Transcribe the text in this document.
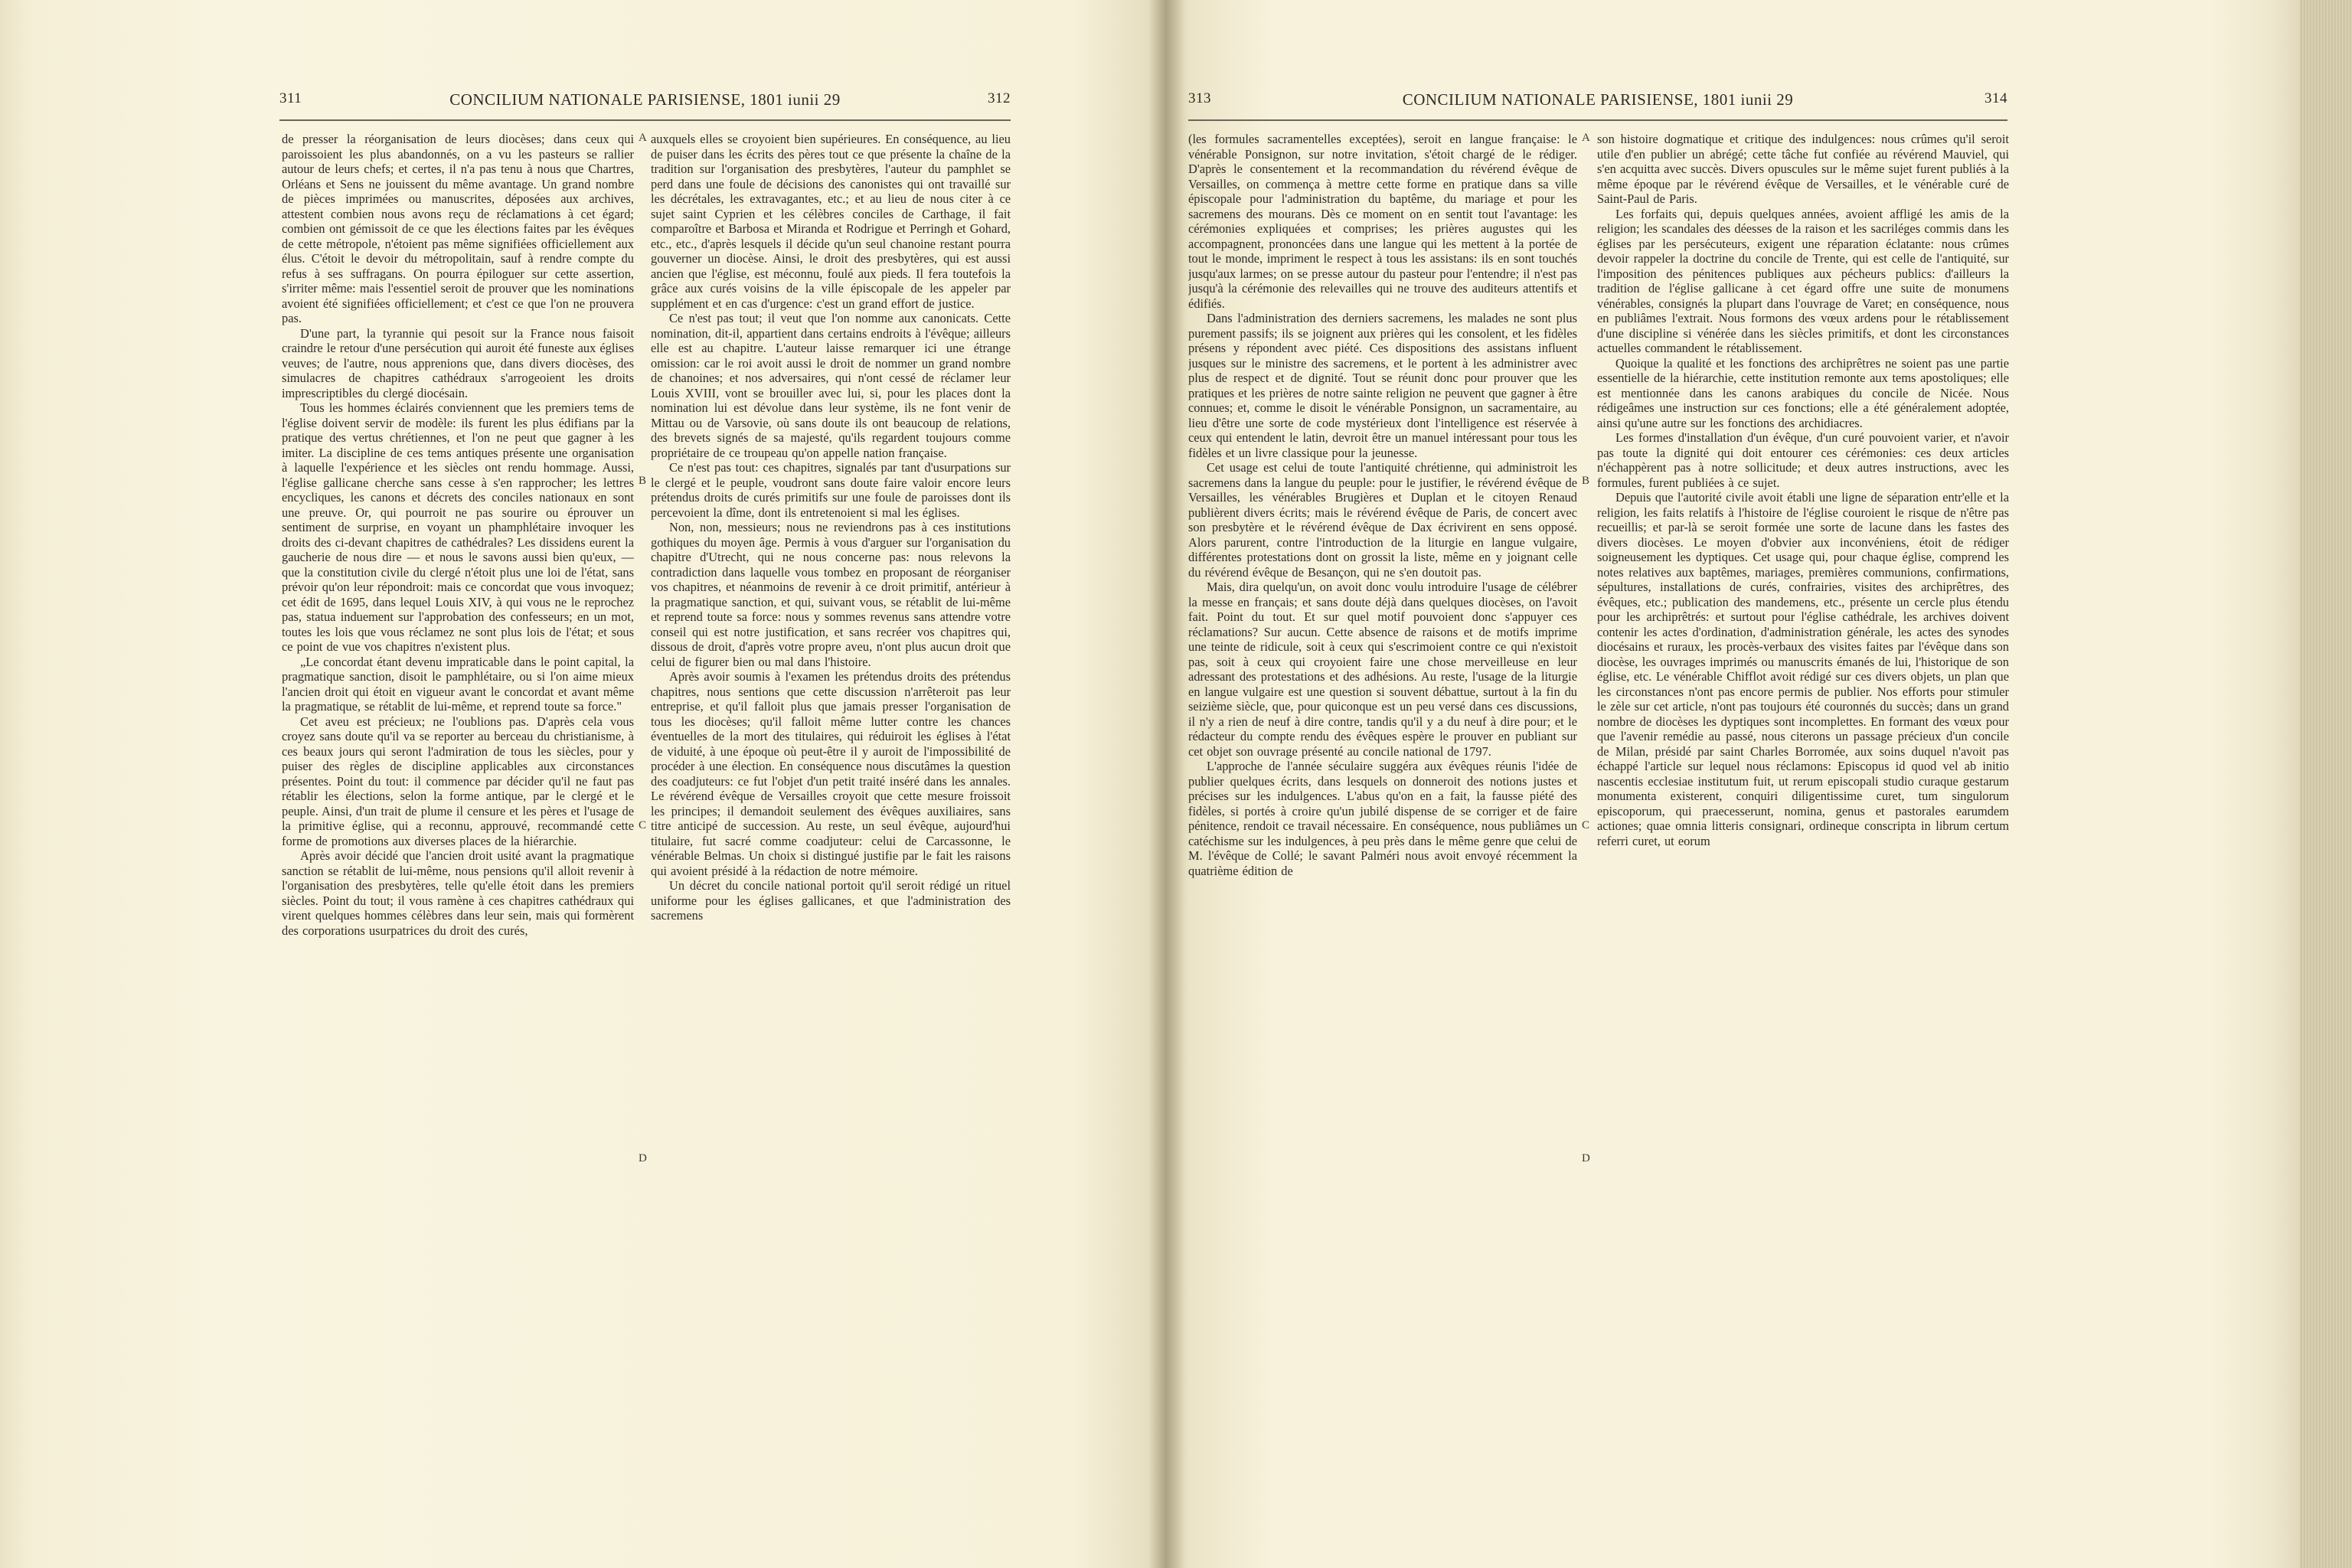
311	CONCILIUM NATIONALE PARISIENSE, 1801 iunii 29	312

de presser la réorganisation de leurs diocèses; dans ceux qui paroissoient les plus abandonnés, on a vu les pasteurs se rallier autour de leurs chefs; et certes, il n'a pas tenu à nous que Chartres, Orléans et Sens ne jouissent du même avantage. Un grand nombre de pièces imprimées ou manuscrites, déposées aux archives, attestent combien nous avons reçu de réclamations à cet égard; combien ont gémissoit de ce que les élections faites par les évêques de cette métropole, n'étoient pas même signifiées officiellement aux élus. C'étoit le devoir du métropolitain, sauf à rendre compte du refus à ses suffragans. On pourra épiloguer sur cette assertion, s'irriter même: mais l'essentiel seroit de prouver que les nominations avoient été signifiées officiellement; et c'est ce que l'on ne prouvera pas.

D'une part, la tyrannie qui pesoit sur la France nous faisoit craindre le retour d'une persécution qui auroit été funeste aux églises veuves; de l'autre, nous apprenions que, dans divers diocèses, des simulacres de chapitres cathédraux s'arrogeoient les droits imprescriptibles du clergé diocésain.

Tous les hommes éclairés conviennent que les premiers tems de l'église doivent servir de modèle: ils furent les plus édifians par la pratique des vertus chrétiennes, et l'on ne peut que gagner à les imiter. La discipline de ces tems antiques présente une organisation à laquelle l'expérience et les siècles ont rendu hommage. Aussi, l'église gallicane cherche sans cesse à s'en rapprocher; les lettres encycliques, les canons et décrets des conciles nationaux en sont une preuve. Or, qui pourroit ne pas sourire ou éprouver un sentiment de surprise, en voyant un phamphlétaire invoquer les droits des ci-devant chapitres de cathédrales? Les dissidens eurent la gaucherie de nous dire — et nous le savons aussi bien qu'eux, — que la constitution civile du clergé n'étoit plus une loi de l'état, sans prévoir qu'on leur répondroit: mais ce concordat que vous invoquez; cet édit de 1695, dans lequel Louis XIV, à qui vous ne le reprochez pas, statua induement sur l'approbation des confesseurs; en un mot, toutes les lois que vous réclamez ne sont plus lois de l'état; et sous ce point de vue vos chapitres n'existent plus.

„Le concordat étant devenu impraticable dans le point capital, la pragmatique sanction, disoit le pamphlétaire, ou si l'on aime mieux l'ancien droit qui étoit en vigueur avant le concordat et avant même la pragmatique, se rétablit de lui-même, et reprend toute sa force."

Cet aveu est précieux; ne l'oublions pas. D'après cela vous croyez sans doute qu'il va se reporter au berceau du christianisme, à ces beaux jours qui seront l'admiration de tous les siècles, pour y puiser des règles de discipline applicables aux circonstances présentes. Point du tout: il commence par décider qu'il ne faut pas rétablir les élections, selon la forme antique, par le clergé et le peuple. Ainsi, d'un trait de plume il censure et les pères et l'usage de la primitive église, qui a reconnu, approuvé, recommandé cette forme de promotions aux diverses places de la hiérarchie.

Après avoir décidé que l'ancien droit usité avant la pragmatique sanction se rétablit de lui-même, nous pensions qu'il alloit revenir à l'organisation des presbytères, telle qu'elle étoit dans les premiers siècles. Point du tout; il vous ramène à ces chapitres cathédraux qui virent quelques hommes célèbres dans leur sein, mais qui formèrent des corporations usurpatrices du droit des curés,

A
B
C
D

auxquels elles se croyoient bien supérieures. En conséquence, au lieu de puiser dans les écrits des pères tout ce que présente la chaîne de la tradition sur l'organisation des presbytères, l'auteur du pamphlet se perd dans une foule de décisions des canonistes qui ont travaillé sur les décrétales, les extravagantes, etc.; et au lieu de nous citer à ce sujet saint Cyprien et les célèbres conciles de Carthage, il fait comparoître et Barbosa et Miranda et Rodrigue et Perringh et Gohard, etc., etc., d'après lesquels il décide qu'un seul chanoine restant pourra gouverner un diocèse. Ainsi, le droit des presbytères, qui est aussi ancien que l'église, est méconnu, foulé aux pieds. Il fera toutefois la grâce aux curés voisins de la ville épiscopale de les appeler par supplément et en cas d'urgence: c'est un grand effort de justice.

Ce n'est pas tout; il veut que l'on nomme aux canonicats. Cette nomination, dit-il, appartient dans certains endroits à l'évêque; ailleurs elle est au chapitre. L'auteur laisse remarquer ici une étrange omission: car le roi avoit aussi le droit de nommer un grand nombre de chanoines; et nos adversaires, qui n'ont cessé de réclamer leur Louis XVIII, vont se brouiller avec lui, si, pour les places dont la nomination lui est dévolue dans leur système, ils ne font venir de Mittau ou de Varsovie, où sans doute ils ont beaucoup de relations, des brevets signés de sa majesté, qu'ils regardent toujours comme propriétaire de ce troupeau qu'on appelle nation française.

Ce n'est pas tout: ces chapitres, signalés par tant d'usurpations sur le clergé et le peuple, voudront sans doute faire valoir encore leurs prétendus droits de curés primitifs sur une foule de paroisses dont ils percevoient la dîme, dont ils entretenoient si mal les églises.

Non, non, messieurs; nous ne reviendrons pas à ces institutions gothiques du moyen âge. Permis à vous d'arguer sur l'organisation du chapitre d'Utrecht, qui ne nous concerne pas: nous relevons la contradiction dans laquelle vous tombez en proposant de réorganiser vos chapitres, et néanmoins de revenir à ce droit primitif, antérieur à la pragmatique sanction, et qui, suivant vous, se rétablit de lui-même et reprend toute sa force: nous y sommes revenus sans attendre votre conseil qui est notre justification, et sans recréer vos chapitres qui, dissous de droit, d'après votre propre aveu, n'ont plus aucun droit que celui de figurer bien ou mal dans l'histoire.

Après avoir soumis à l'examen les prétendus droits des prétendus chapitres, nous sentions que cette discussion n'arrêteroit pas leur entreprise, et qu'il falloit plus que jamais presser l'organisation de tous les diocèses; qu'il falloit même lutter contre les chances éventuelles de la mort des titulaires, qui réduiroit les églises à l'état de viduité, à une époque où peut-être il y auroit de l'impossibilité de procéder à une élection. En conséquence nous discutâmes la question des coadjuteurs: ce fut l'objet d'un petit traité inséré dans les annales. Le révérend évêque de Versailles croyoit que cette mesure froissoit les principes; il demandoit seulement des évêques auxiliaires, sans titre anticipé de succession. Au reste, un seul évêque, aujourd'hui titulaire, fut sacré comme coadjuteur: celui de Carcassonne, le vénérable Belmas. Un choix si distingué justifie par le fait les raisons qui avoient présidé à la rédaction de notre mémoire.

Un décret du concile national portoit qu'il seroit rédigé un rituel uniforme pour les églises gallicanes, et que l'administration des sacremens

313	CONCILIUM NATIONALE PARISIENSE, 1801 iunii 29	314

(les formules sacramentelles exceptées), seroit en langue française: le vénérable Ponsignon, sur notre invitation, s'étoit chargé de le rédiger. D'après le consentement et la recommandation du révérend évêque de Versailles, on commença à mettre cette forme en pratique dans sa ville épiscopale pour l'administration du baptême, du mariage et pour les sacremens des mourans. Dès ce moment on en sentit tout l'avantage: les cérémonies expliquées et comprises; les prières augustes qui les accompagnent, prononcées dans une langue qui les mettent à la portée de tout le monde, impriment le respect à tous les assistans: ils en sont touchés jusqu'aux larmes; on se presse autour du pasteur pour l'entendre; il n'est pas jusqu'à la cérémonie des relevailles qui ne trouve des auditeurs attentifs et édifiés.

Dans l'administration des derniers sacremens, les malades ne sont plus purement passifs; ils se joignent aux prières qui les consolent, et les fidèles présens y répondent avec piété. Ces dispositions des assistans influent jusques sur le ministre des sacremens, et le portent à les administrer avec plus de respect et de dignité. Tout se réunit donc pour prouver que les pratiques et les prières de notre sainte religion ne peuvent que gagner à être connues; et, comme le disoit le vénérable Ponsignon, un sacramentaire, au lieu d'être une sorte de code mystérieux dont l'intelligence est réservée à ceux qui entendent le latin, devroit être un manuel intéressant pour tous les fidèles et un livre classique pour la jeunesse.

Cet usage est celui de toute l'antiquité chrétienne, qui administroit les sacremens dans la langue du peuple: pour le justifier, le révérend évêque de Versailles, les vénérables Brugières et Duplan et le citoyen Renaud publièrent divers écrits; mais le révérend évêque de Paris, de concert avec son presbytère et le révérend évêque de Dax écrivirent en sens opposé. Alors parurent, contre l'introduction de la liturgie en langue vulgaire, différentes protestations dont on grossit la liste, même en y joignant celle du révérend évêque de Besançon, qui ne s'en doutoit pas.

Mais, dira quelqu'un, on avoit donc voulu introduire l'usage de célébrer la messe en français; et sans doute déjà dans quelques diocèses, on l'avoit fait. Point du tout. Et sur quel motif pouvoient donc s'appuyer ces réclamations? Sur aucun. Cette absence de raisons et de motifs imprime une teinte de ridicule, soit à ceux qui s'escrimoient contre ce qui n'existoit pas, soit à ceux qui croyoient faire une chose merveilleuse en leur adressant des protestations et des adhésions. Au reste, l'usage de la liturgie en langue vulgaire est une question si souvent débattue, surtout à la fin du seizième siècle, que, pour quiconque est un peu versé dans ces discussions, il n'y a rien de neuf à dire contre, tandis qu'il y a du neuf à dire pour; et le rédacteur du compte rendu des évêques espère le prouver en publiant sur cet objet son ouvrage présenté au concile national de 1797.

L'approche de l'année séculaire suggéra aux évêques réunis l'idée de publier quelques écrits, dans lesquels on donneroit des notions justes et précises sur les indulgences. L'abus qu'on en a fait, la fausse piété des fidèles, si portés à croire qu'un jubilé dispense de se corriger et de faire pénitence, rendoit ce travail nécessaire. En conséquence, nous publiâmes un catéchisme sur les indulgences, à peu près dans le même genre que celui de M. l'évêque de Collé; le savant Palméri nous avoit envoyé récemment la quatrième édition de

A
B
C
D

son histoire dogmatique et critique des indulgences: nous crûmes qu'il seroit utile d'en publier un abrégé; cette tâche fut confiée au révérend Mauviel, qui s'en acquitta avec succès. Divers opuscules sur le même sujet furent publiés à la même époque par le révérend évêque de Versailles, et le vénérable curé de Saint-Paul de Paris.

Les forfaits qui, depuis quelques années, avoient affligé les amis de la religion; les scandales des déesses de la raison et les sacriléges commis dans les églises par les persécuteurs, exigent une réparation éclatante: nous crûmes devoir rappeler la doctrine du concile de Trente, qui est celle de l'antiquité, sur l'imposition des pénitences publiques aux pécheurs publics: d'ailleurs la tradition de l'église gallicane à cet égard offre une suite de monumens vénérables, consignés la plupart dans l'ouvrage de Varet; en conséquence, nous en publiâmes l'extrait. Nous formons des vœux ardens pour le rétablissement d'une discipline si vénérée dans les siècles primitifs, et dont les circonstances actuelles commandent le rétablissement.

Quoique la qualité et les fonctions des archiprêtres ne soient pas une partie essentielle de la hiérarchie, cette institution remonte aux tems apostoliques; elle est mentionnée dans les canons arabiques du concile de Nicée. Nous rédigeâmes une instruction sur ces fonctions; elle a été généralement adoptée, ainsi qu'une autre sur les fonctions des archidiacres.

Les formes d'installation d'un évêque, d'un curé pouvoient varier, et n'avoir pas toute la dignité qui doit entourer ces cérémonies: ces deux articles n'échappèrent pas à notre sollicitude; et deux autres instructions, avec les formules, furent publiées à ce sujet.

Depuis que l'autorité civile avoit établi une ligne de séparation entr'elle et la religion, les faits relatifs à l'histoire de l'église couroient le risque de n'être pas recueillis; et par-là se seroit formée une sorte de lacune dans les fastes des divers diocèses. Le moyen d'obvier aux inconvéniens, étoit de rédiger soigneusement les dyptiques. Cet usage qui, pour chaque église, comprend les notes relatives aux baptêmes, mariages, premières communions, confirmations, sépultures, installations de curés, confrairies, visites des archiprêtres, des évêques, etc.; publication des mandemens, etc., présente un cercle plus étendu pour les archiprêtrés: et surtout pour l'église cathédrale, les archives doivent contenir les actes d'ordination, d'administration générale, les actes des synodes diocésains et ruraux, les procès-verbaux des visites faites par l'évêque dans son diocèse, les ouvrages imprimés ou manuscrits émanés de lui, l'historique de son église, etc. Le vénérable Chifflot avoit rédigé sur ces divers objets, un plan que les circonstances n'ont pas encore permis de publier. Nos efforts pour stimuler le zèle sur cet article, n'ont pas toujours été couronnés du succès; dans un grand nombre de diocèses les dyptiques sont incomplettes. En formant des vœux pour que l'avenir remédie au passé, nous citerons un passage précieux d'un concile de Milan, présidé par saint Charles Borromée, aux soins duquel n'avoit pas échappé l'article sur lequel nous réclamons: Episcopus id quod vel ab initio nascentis ecclesiae institutum fuit, ut rerum episcopali studio curaque gestarum monumenta existerent, conquiri diligentissime curet, tum singulorum episcoporum, qui praecesserunt, nomina, genus et pastorales earumdem actiones; quae omnia litteris consignari, ordineque conscripta in librum certum referri curet, ut eorum
